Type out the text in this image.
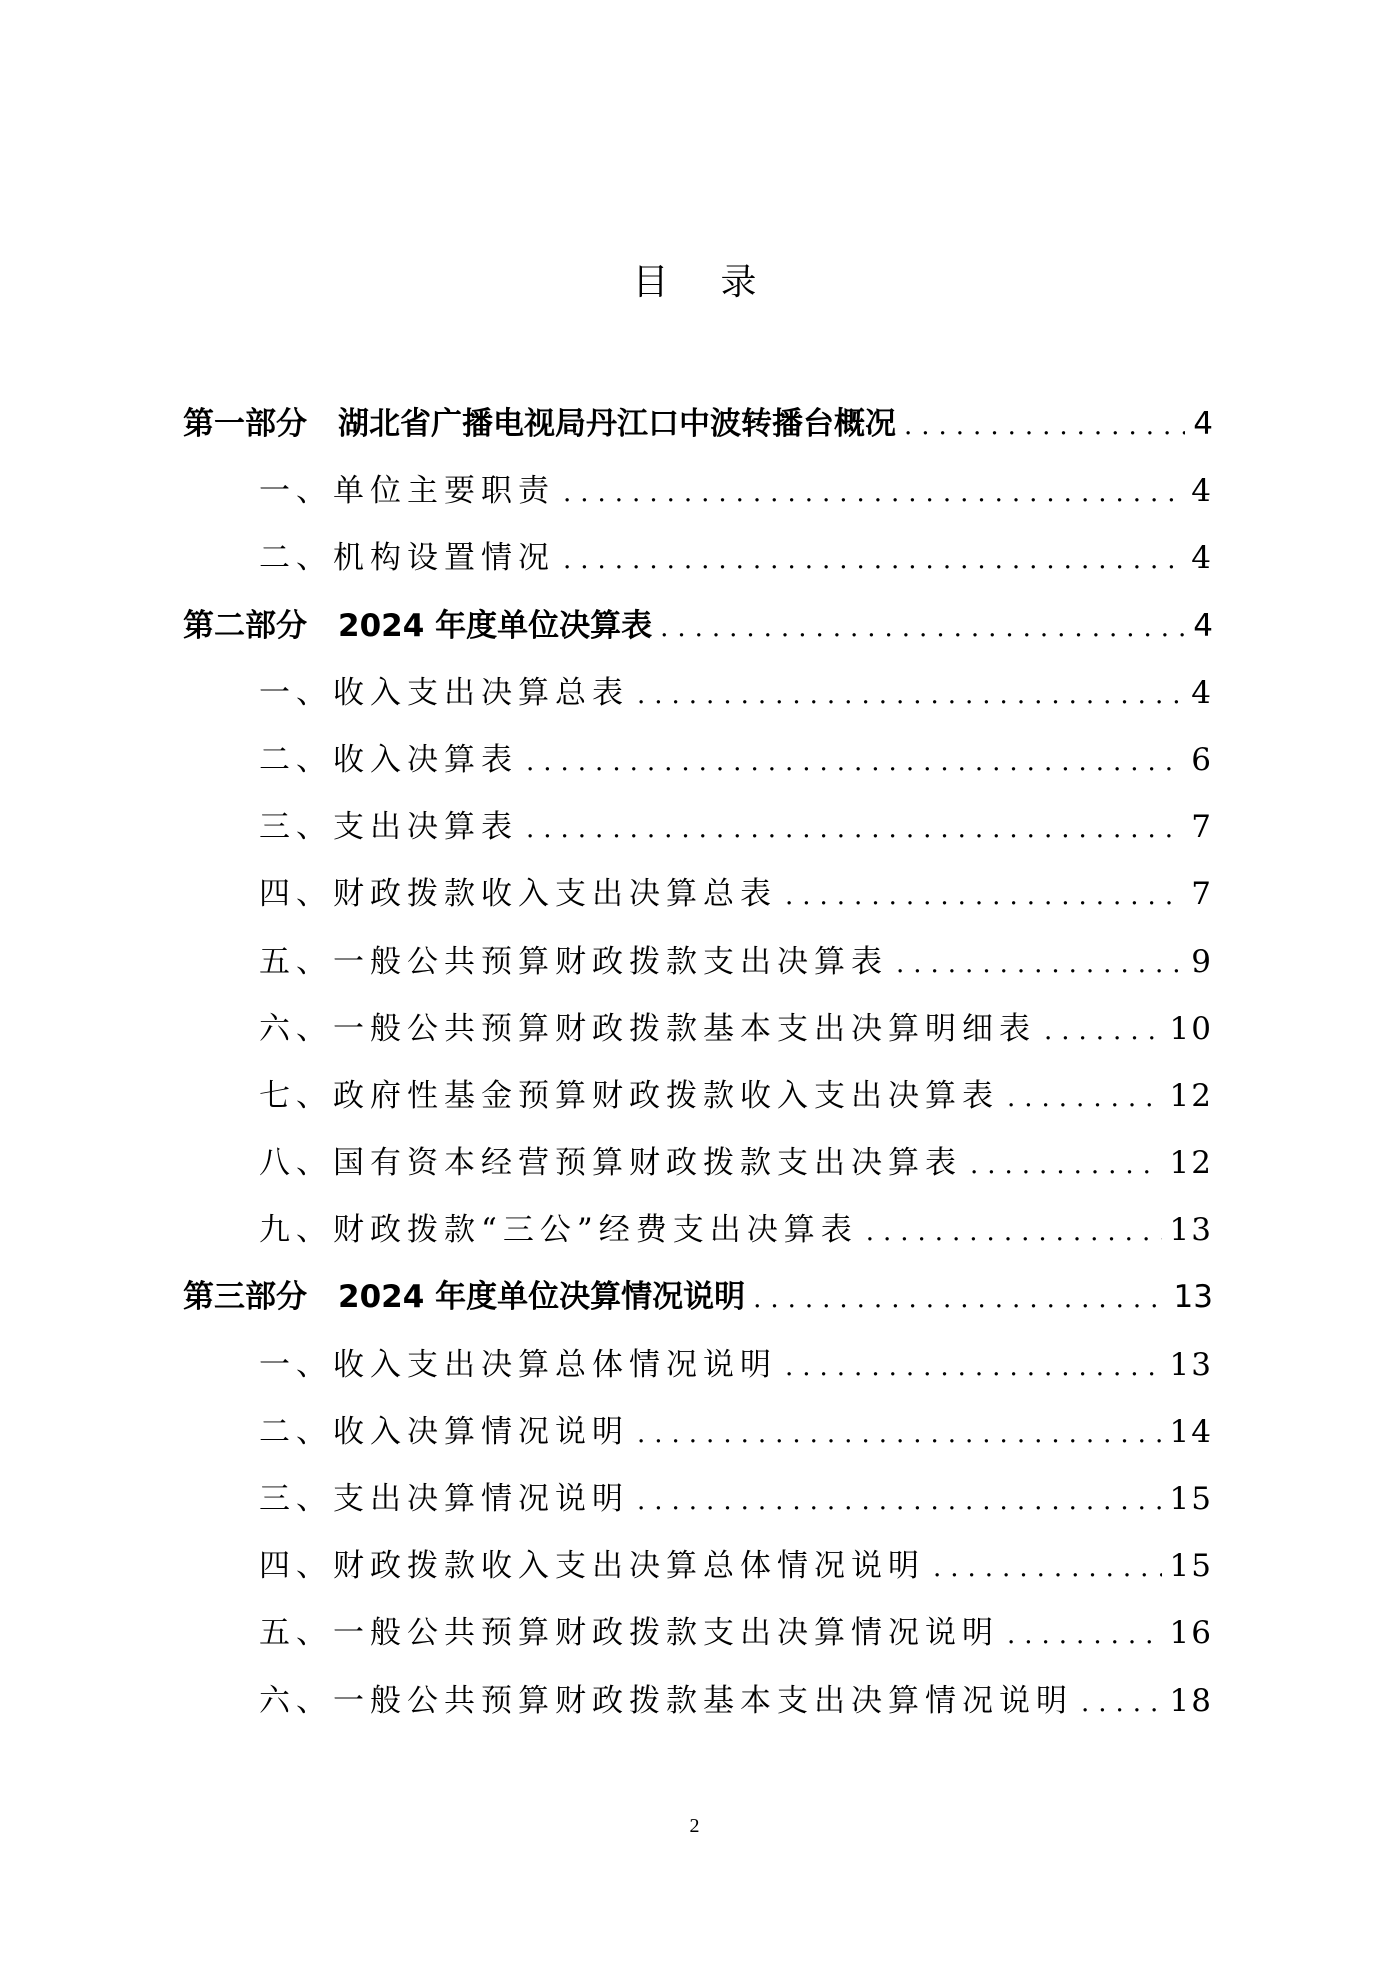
目录
第一部分　湖北省广播电视局丹江口中波转播台概况 .....	4
一、单位主要职责 .....	4
二、机构设置情况 .....	4
第二部分　2024 年度单位决算表 .....	4
一、收入支出决算总表 .....	4
二、收入决算表 .....	6
三、支出决算表 .....	7
四、财政拨款收入支出决算总表 .....	7
五、一般公共预算财政拨款支出决算表 .....	9
六、一般公共预算财政拨款基本支出决算明细表 .....	10
七、政府性基金预算财政拨款收入支出决算表 .....	12
八、国有资本经营预算财政拨款支出决算表 .....	12
九、财政拨款“三公”经费支出决算表 .....	13
第三部分　2024 年度单位决算情况说明 .....	13
一、收入支出决算总体情况说明 .....	13
二、收入决算情况说明 .....	14
三、支出决算情况说明 .....	15
四、财政拨款收入支出决算总体情况说明 .....	15
五、一般公共预算财政拨款支出决算情况说明 .....	16
六、一般公共预算财政拨款基本支出决算情况说明 .....	18
2
